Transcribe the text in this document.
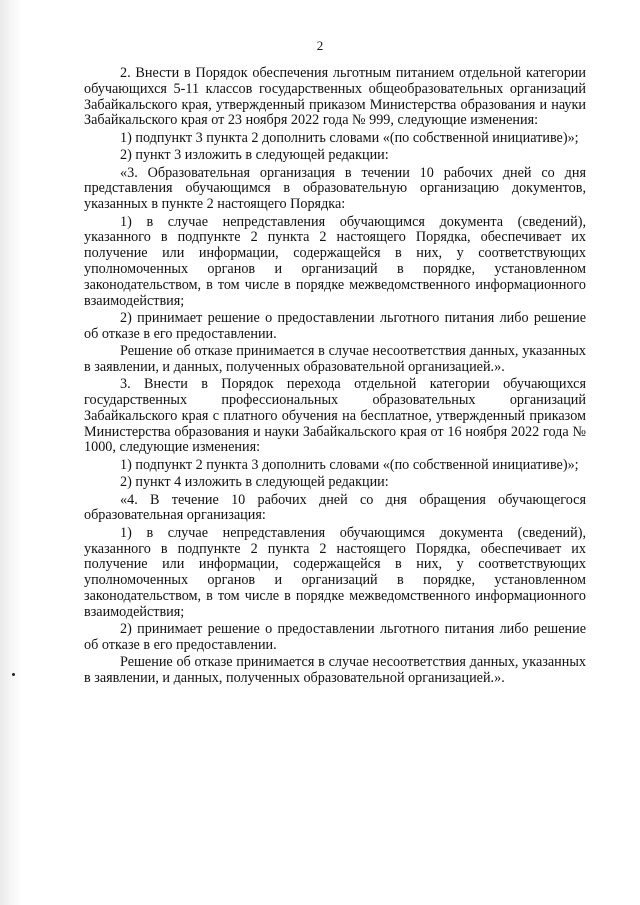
2

2. Внести в Порядок обеспечения льготным питанием отдельной категории обучающихся 5-11 классов государственных общеобразовательных организаций Забайкальского края, утвержденный приказом Министерства образования и науки Забайкальского края от 23 ноября 2022 года № 999, следующие изменения:

1) подпункт 3 пункта 2 дополнить словами «(по собственной инициативе)»;

2) пункт 3 изложить в следующей редакции:

«3. Образовательная организация в течении 10 рабочих дней со дня представления обучающимся в образовательную организацию документов, указанных в пункте 2 настоящего Порядка:

1) в случае непредставления обучающимся документа (сведений), указанного в подпункте 2 пункта 2 настоящего Порядка, обеспечивает их получение или информации, содержащейся в них, у соответствующих уполномоченных органов и организаций в порядке, установленном законодательством, в том числе в порядке межведомственного информационного взаимодействия;

2) принимает решение о предоставлении льготного питания либо решение об отказе в его предоставлении.

Решение об отказе принимается в случае несоответствия данных, указанных в заявлении, и данных, полученных образовательной организацией.».

3. Внести в Порядок перехода отдельной категории обучающихся государственных профессиональных образовательных организаций Забайкальского края с платного обучения на бесплатное, утвержденный приказом Министерства образования и науки Забайкальского края от 16 ноября 2022 года № 1000, следующие изменения:

1) подпункт 2 пункта 3 дополнить словами «(по собственной инициативе)»;

2) пункт 4 изложить в следующей редакции:

«4. В течение 10 рабочих дней со дня обращения обучающегося образовательная организация:

1) в случае непредставления обучающимся документа (сведений), указанного в подпункте 2 пункта 2 настоящего Порядка, обеспечивает их получение или информации, содержащейся в них, у соответствующих уполномоченных органов и организаций в порядке, установленном законодательством, в том числе в порядке межведомственного информационного взаимодействия;

2) принимает решение о предоставлении льготного питания либо решение об отказе в его предоставлении.

Решение об отказе принимается в случае несоответствия данных, указанных в заявлении, и данных, полученных образовательной организацией.».
